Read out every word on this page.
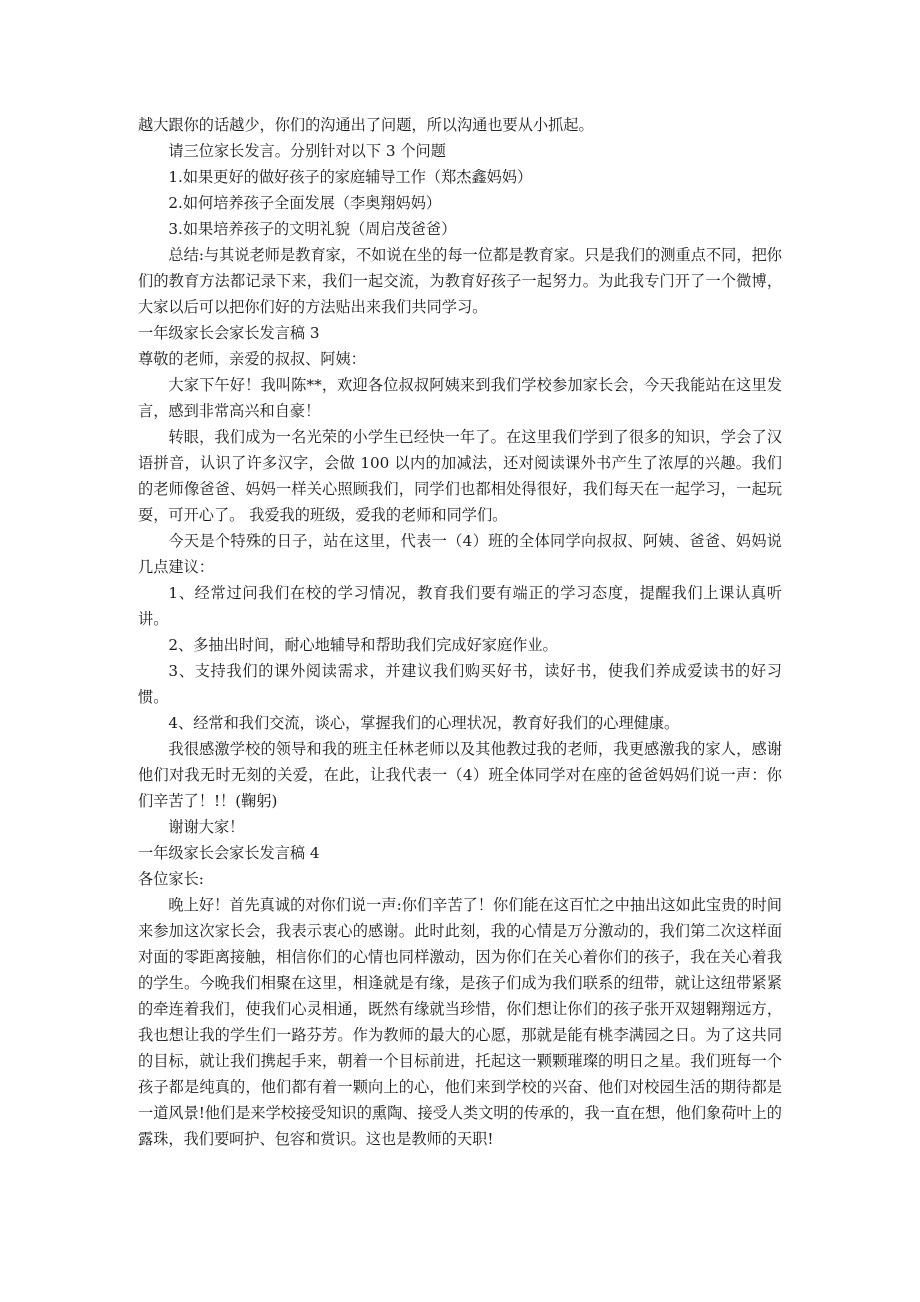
越大跟你的话越少，你们的沟通出了问题，所以沟通也要从小抓起。

请三位家长发言。分别针对以下 3 个问题

1.如果更好的做好孩子的家庭辅导工作（郑杰鑫妈妈）

2.如何培养孩子全面发展（李奥翔妈妈）

3.如果培养孩子的文明礼貌（周启茂爸爸）

总结:与其说老师是教育家，不如说在坐的每一位都是教育家。只是我们的测重点不同，把你们的教育方法都记录下来，我们一起交流，为教育好孩子一起努力。为此我专门开了一个微博，大家以后可以把你们好的方法贴出来我们共同学习。

一年级家长会家长发言稿 3

尊敬的老师，亲爱的叔叔、阿姨：

大家下午好！我叫陈**，欢迎各位叔叔阿姨来到我们学校参加家长会，今天我能站在这里发言，感到非常高兴和自豪！

转眼，我们成为一名光荣的小学生已经快一年了。在这里我们学到了很多的知识，学会了汉语拼音，认识了许多汉字，会做 100 以内的加减法，还对阅读课外书产生了浓厚的兴趣。我们的老师像爸爸、妈妈一样关心照顾我们，同学们也都相处得很好，我们每天在一起学习，一起玩耍，可开心了。 我爱我的班级，爱我的老师和同学们。

今天是个特殊的日子，站在这里，代表一（4）班的全体同学向叔叔、阿姨、爸爸、妈妈说几点建议：

1、经常过问我们在校的学习情况，教育我们要有端正的学习态度，提醒我们上课认真听讲。

2、多抽出时间，耐心地辅导和帮助我们完成好家庭作业。

3、支持我们的课外阅读需求，并建议我们购买好书，读好书，使我们养成爱读书的好习惯。

4、经常和我们交流，谈心，掌握我们的心理状况，教育好我们的心理健康。

我很感激学校的领导和我的班主任林老师以及其他教过我的老师，我更感激我的家人，感谢他们对我无时无刻的关爱，在此，让我代表一（4）班全体同学对在座的爸爸妈妈们说一声：你们辛苦了！!！(鞠躬)

谢谢大家！

一年级家长会家长发言稿 4

各位家长:

晚上好！首先真诚的对你们说一声:你们辛苦了！你们能在这百忙之中抽出这如此宝贵的时间来参加这次家长会，我表示衷心的感谢。此时此刻，我的心情是万分激动的，我们第二次这样面对面的零距离接触，相信你们的心情也同样激动，因为你们在关心着你们的孩子，我在关心着我的学生。今晚我们相聚在这里，相逢就是有缘，是孩子们成为我们联系的纽带，就让这纽带紧紧的牵连着我们，使我们心灵相通，既然有缘就当珍惜，你们想让你们的孩子张开双翅翱翔远方，我也想让我的学生们一路芬芳。作为教师的最大的心愿，那就是能有桃李满园之日。为了这共同的目标，就让我们携起手来，朝着一个目标前进，托起这一颗颗璀璨的明日之星。我们班每一个孩子都是纯真的，他们都有着一颗向上的心，他们来到学校的兴奋、他们对校园生活的期待都是一道风景!他们是来学校接受知识的熏陶、接受人类文明的传承的，我一直在想，他们象荷叶上的露珠，我们要呵护、包容和赏识。这也是教师的天职!
